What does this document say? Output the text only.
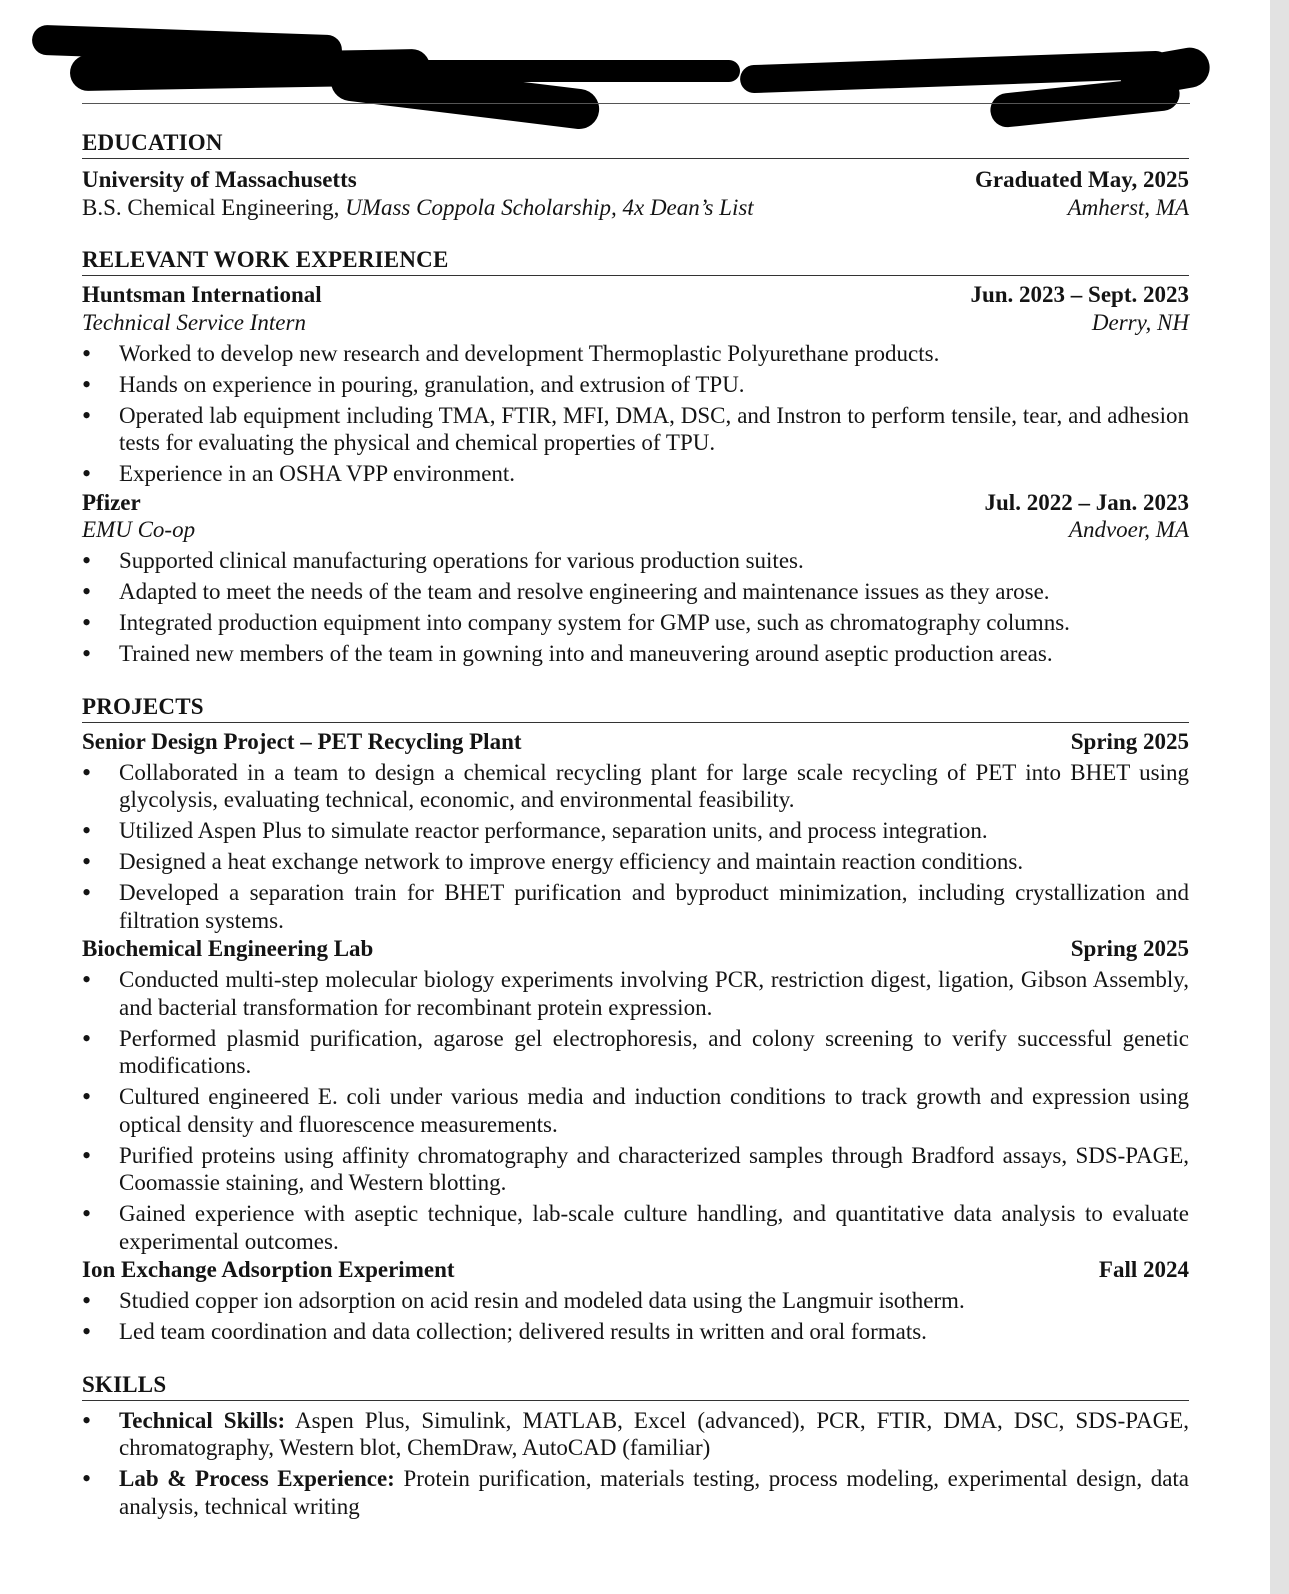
EDUCATION
University of Massachusetts	Graduated May, 2025
B.S. Chemical Engineering, UMass Coppola Scholarship, 4x Dean’s List	Amherst, MA
RELEVANT WORK EXPERIENCE
Huntsman International	Jun. 2023 – Sept. 2023
Technical Service Intern	Derry, NH
• Worked to develop new research and development Thermoplastic Polyurethane products.
• Hands on experience in pouring, granulation, and extrusion of TPU.
• Operated lab equipment including TMA, FTIR, MFI, DMA, DSC, and Instron to perform tensile, tear, and adhesion tests for evaluating the physical and chemical properties of TPU.
• Experience in an OSHA VPP environment.
Pfizer	Jul. 2022 – Jan. 2023
EMU Co-op	Andvoer, MA
• Supported clinical manufacturing operations for various production suites.
• Adapted to meet the needs of the team and resolve engineering and maintenance issues as they arose.
• Integrated production equipment into company system for GMP use, such as chromatography columns.
• Trained new members of the team in gowning into and maneuvering around aseptic production areas.
PROJECTS
Senior Design Project – PET Recycling Plant	Spring 2025
• Collaborated in a team to design a chemical recycling plant for large scale recycling of PET into BHET using glycolysis, evaluating technical, economic, and environmental feasibility.
• Utilized Aspen Plus to simulate reactor performance, separation units, and process integration.
• Designed a heat exchange network to improve energy efficiency and maintain reaction conditions.
• Developed a separation train for BHET purification and byproduct minimization, including crystallization and filtration systems.
Biochemical Engineering Lab	Spring 2025
• Conducted multi-step molecular biology experiments involving PCR, restriction digest, ligation, Gibson Assembly, and bacterial transformation for recombinant protein expression.
• Performed plasmid purification, agarose gel electrophoresis, and colony screening to verify successful genetic modifications.
• Cultured engineered E. coli under various media and induction conditions to track growth and expression using optical density and fluorescence measurements.
• Purified proteins using affinity chromatography and characterized samples through Bradford assays, SDS-PAGE, Coomassie staining, and Western blotting.
• Gained experience with aseptic technique, lab-scale culture handling, and quantitative data analysis to evaluate experimental outcomes.
Ion Exchange Adsorption Experiment	Fall 2024
• Studied copper ion adsorption on acid resin and modeled data using the Langmuir isotherm.
• Led team coordination and data collection; delivered results in written and oral formats.
SKILLS
• Technical Skills: Aspen Plus, Simulink, MATLAB, Excel (advanced), PCR, FTIR, DMA, DSC, SDS-PAGE, chromatography, Western blot, ChemDraw, AutoCAD (familiar)
• Lab & Process Experience: Protein purification, materials testing, process modeling, experimental design, data analysis, technical writing
